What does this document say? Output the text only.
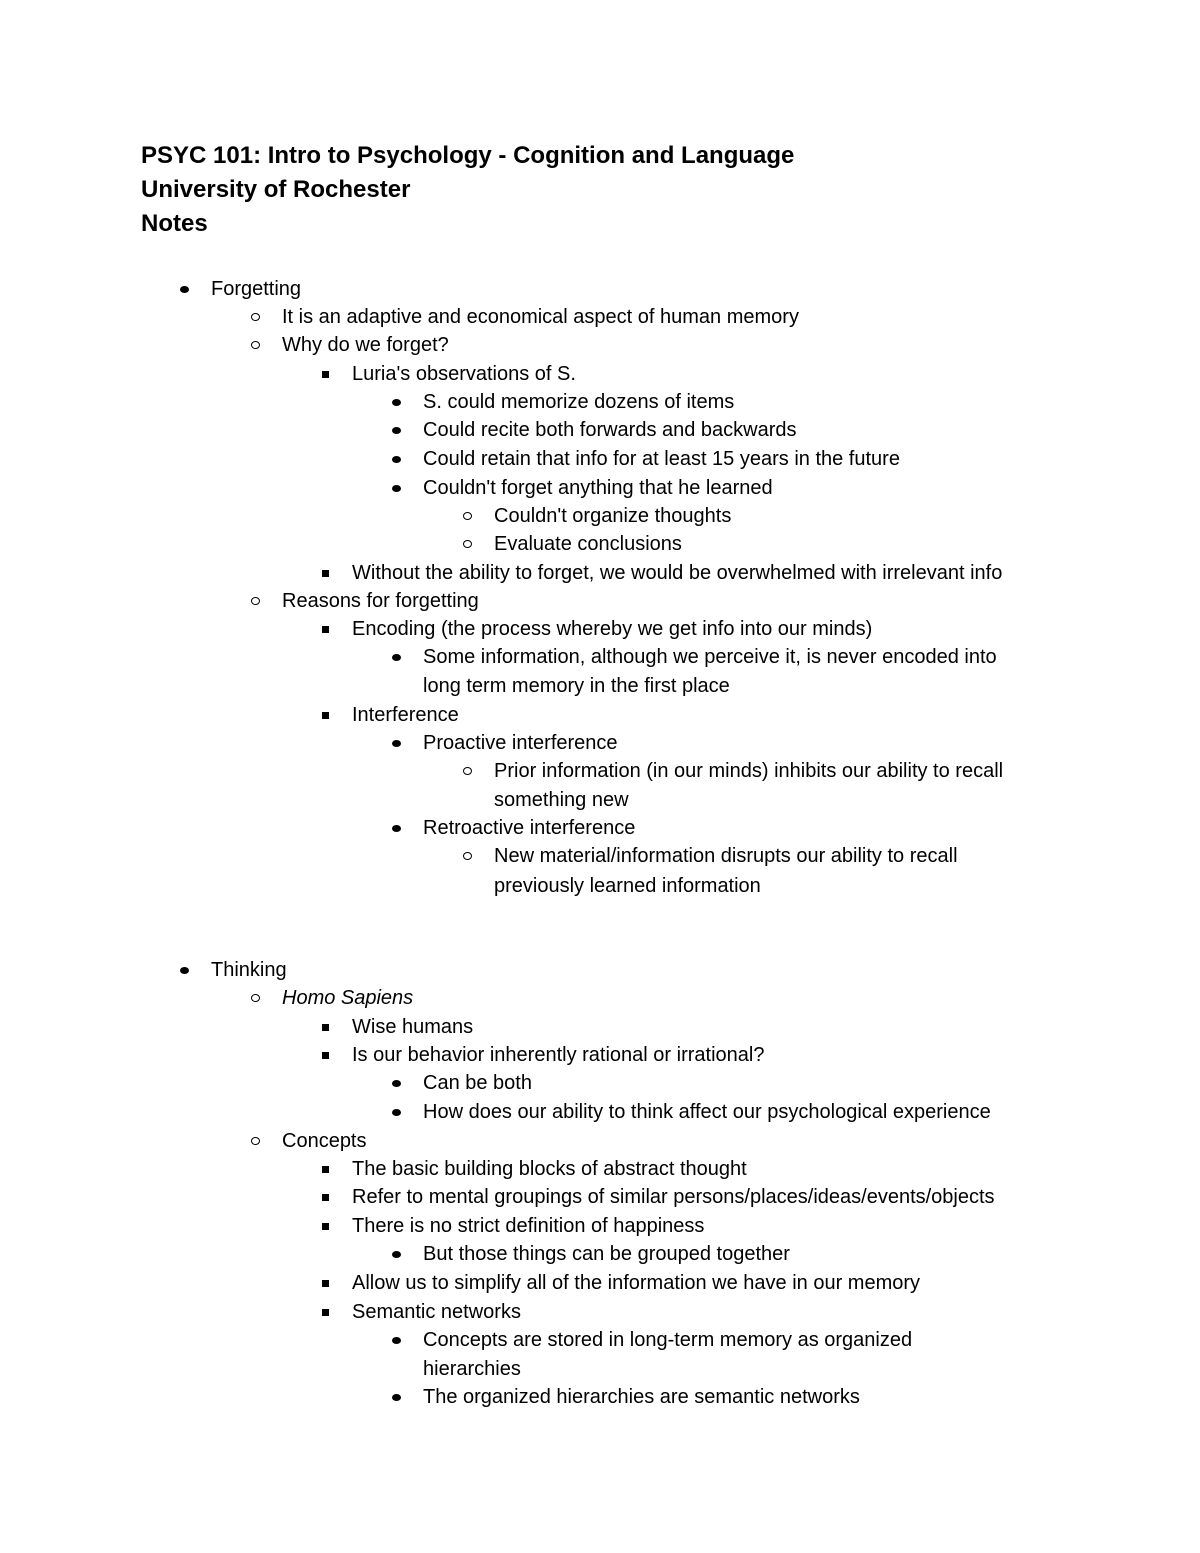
PSYC 101: Intro to Psychology - Cognition and Language
University of Rochester
Notes
Forgetting
It is an adaptive and economical aspect of human memory
Why do we forget?
Luria's observations of S.
S. could memorize dozens of items
Could recite both forwards and backwards
Could retain that info for at least 15 years in the future
Couldn't forget anything that he learned
Couldn't organize thoughts
Evaluate conclusions
Without the ability to forget, we would be overwhelmed with irrelevant info
Reasons for forgetting
Encoding (the process whereby we get info into our minds)
Some information, although we perceive it, is never encoded into
long term memory in the first place
Interference
Proactive interference
Prior information (in our minds) inhibits our ability to recall
something new
Retroactive interference
New material/information disrupts our ability to recall
previously learned information
Thinking
Homo Sapiens
Wise humans
Is our behavior inherently rational or irrational?
Can be both
How does our ability to think affect our psychological experience
Concepts
The basic building blocks of abstract thought
Refer to mental groupings of similar persons/places/ideas/events/objects
There is no strict definition of happiness
But those things can be grouped together
Allow us to simplify all of the information we have in our memory
Semantic networks
Concepts are stored in long-term memory as organized
hierarchies
The organized hierarchies are semantic networks
